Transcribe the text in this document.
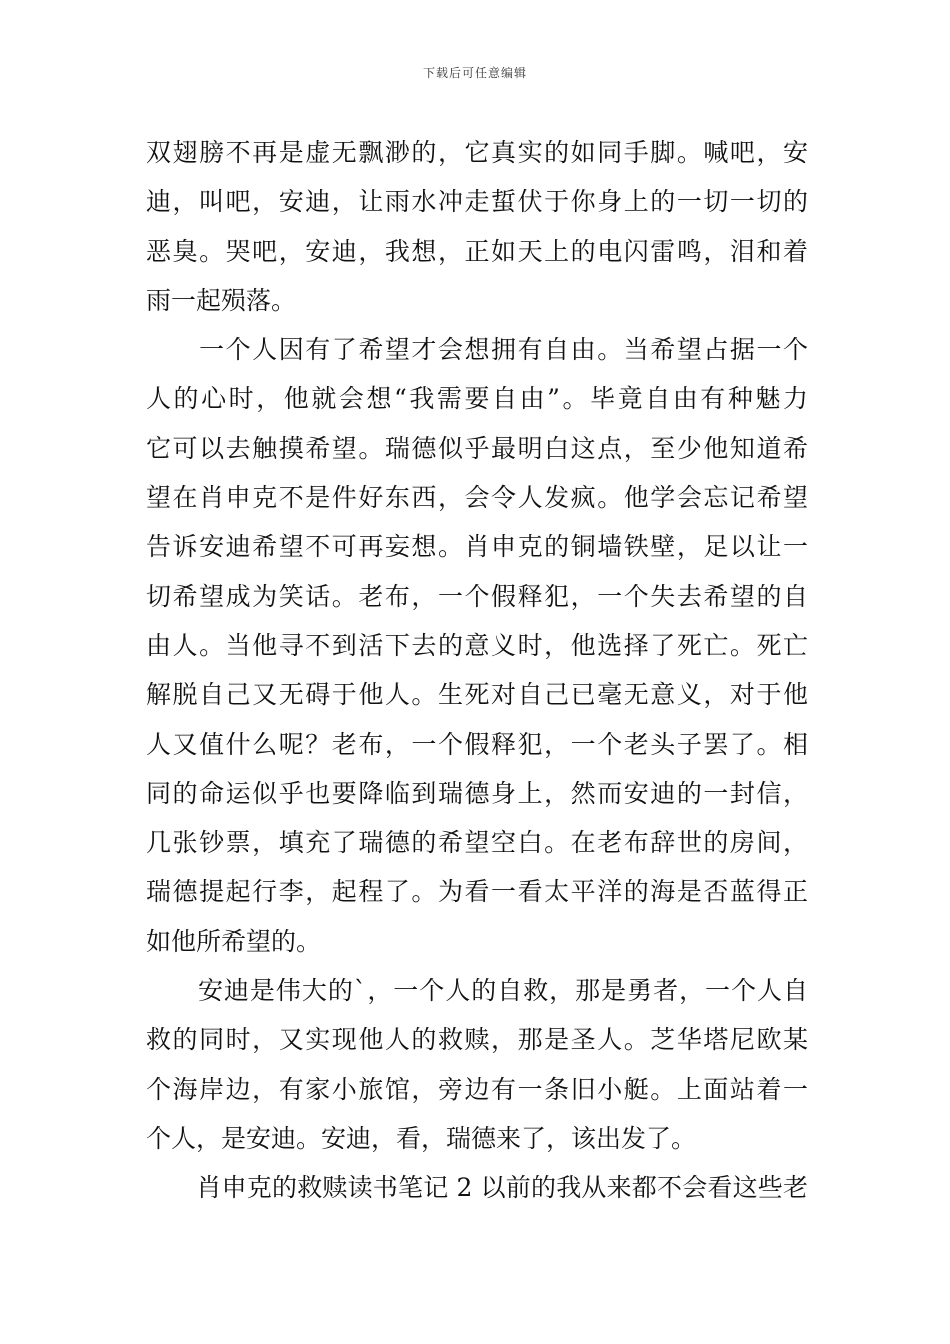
下载后可任意编辑
双翅膀不再是虚无飘渺的，它真实的如同手脚。喊吧，安
迪，叫吧，安迪，让雨水冲走蜇伏于你身上的一切一切的
恶臭。哭吧，安迪，我想，正如天上的电闪雷鸣，泪和着
雨一起殒落。
　　一个人因有了希望才会想拥有自由。当希望占据一个
人的心时，他就会想“我需要自由”。毕竟自由有种魅力
它可以去触摸希望。瑞德似乎最明白这点，至少他知道希
望在肖申克不是件好东西，会令人发疯。他学会忘记希望
告诉安迪希望不可再妄想。肖申克的铜墙铁壁，足以让一
切希望成为笑话。老布，一个假释犯，一个失去希望的自
由人。当他寻不到活下去的意义时，他选择了死亡。死亡
解脱自己又无碍于他人。生死对自己已毫无意义，对于他
人又值什么呢？老布，一个假释犯，一个老头子罢了。相
同的命运似乎也要降临到瑞德身上，然而安迪的一封信，
几张钞票，填充了瑞德的希望空白。在老布辞世的房间，
瑞德提起行李，起程了。为看一看太平洋的海是否蓝得正
如他所希望的。
　　安迪是伟大的`，一个人的自救，那是勇者，一个人自
救的同时，又实现他人的救赎，那是圣人。芝华塔尼欧某
个海岸边，有家小旅馆，旁边有一条旧小艇。上面站着一
个人，是安迪。安迪，看，瑞德来了，该出发了。
　　肖申克的救赎读书笔记 2 以前的我从来都不会看这些老
